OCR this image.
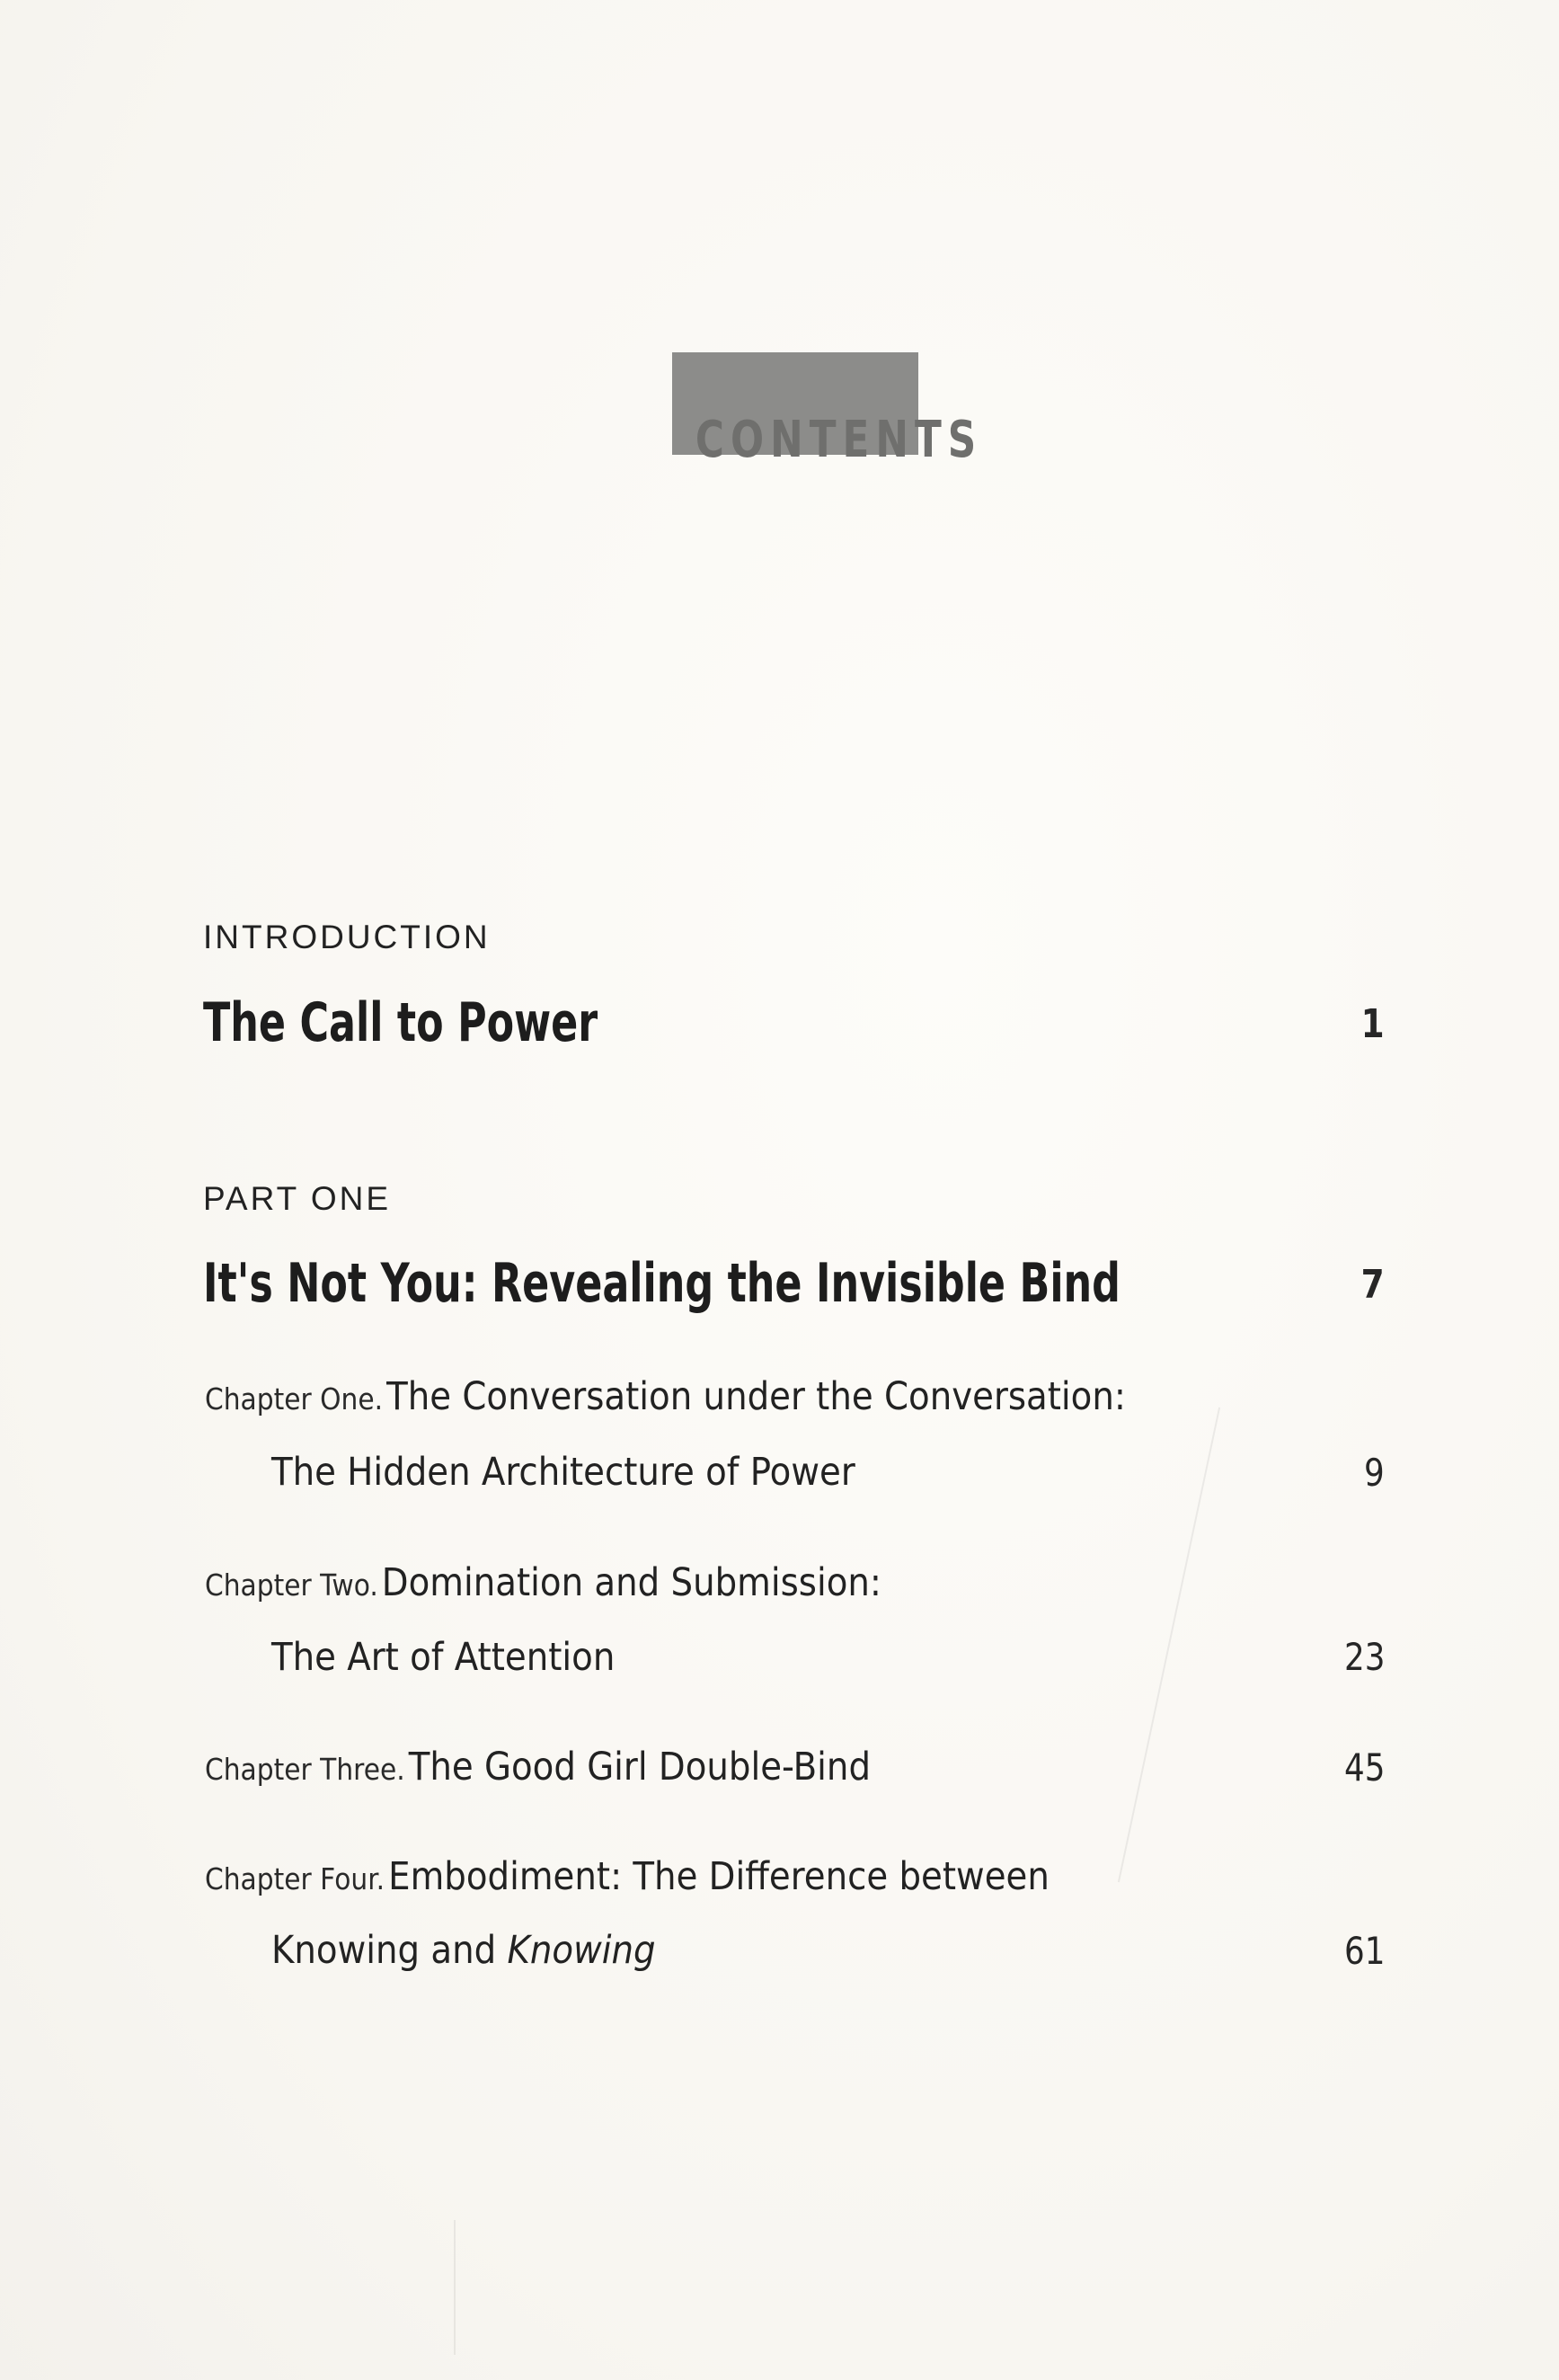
CONTENTS
INTRODUCTION
The Call to Power	1
PART ONE
It's Not You: Revealing the Invisible Bind	7
Chapter One. The Conversation under the Conversation:
The Hidden Architecture of Power	9
Chapter Two. Domination and Submission:
The Art of Attention	23
Chapter Three. The Good Girl Double-Bind	45
Chapter Four. Embodiment: The Difference between
Knowing and Knowing	61
